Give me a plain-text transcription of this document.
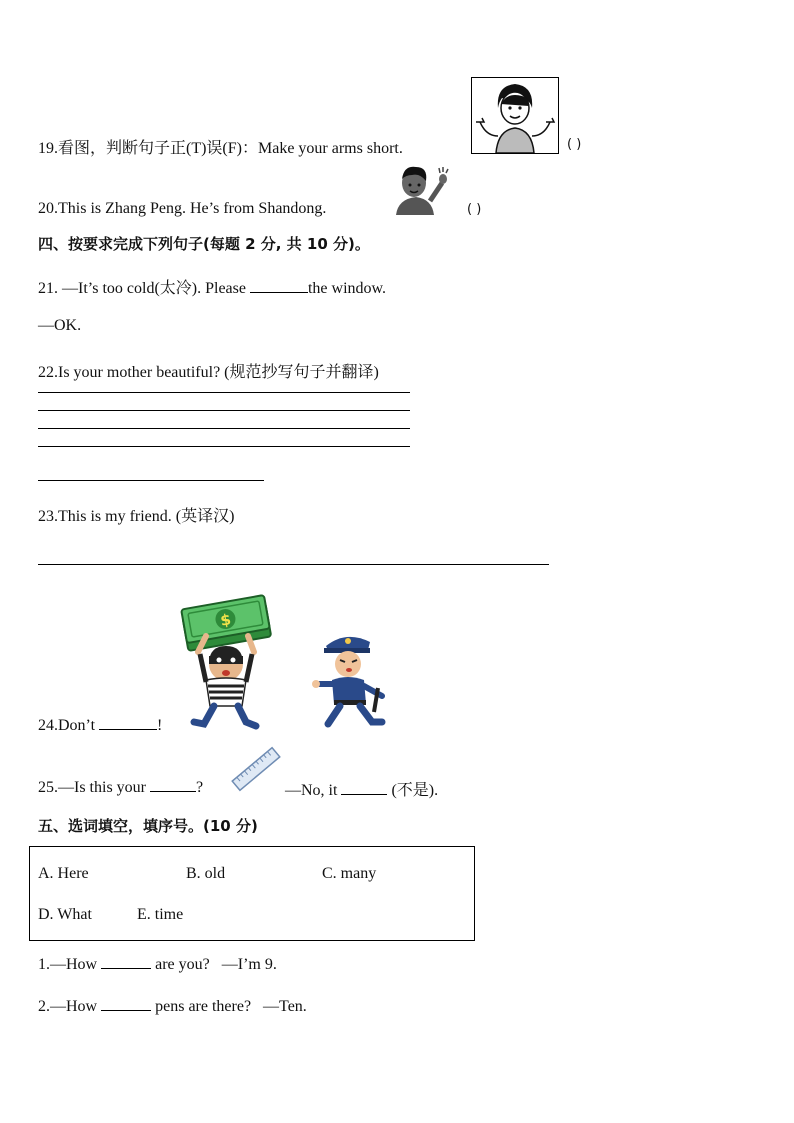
19.看图，判断句子正(T)误(F)：Make your arms short.	( )
20.This is Zhang Peng. He’s from Shandong.	( )
四、按要求完成下列句子(每题 2 分, 共 10 分)。
21. —It’s too cold(太冷). Please	the window.
—OK.
22.Is your mother beautiful? (规范抄写句子并翻译)
23.This is my friend. (英译汉)
$
24.Don’t	!
25.—Is this your	?	—No, it	(不是).
五、选词填空，填序号。(10 分)
A. Here	B. old	C. many
D. What	E. time
1.—How	are you? —I’m 9.
2.—How	pens are there? —Ten.
